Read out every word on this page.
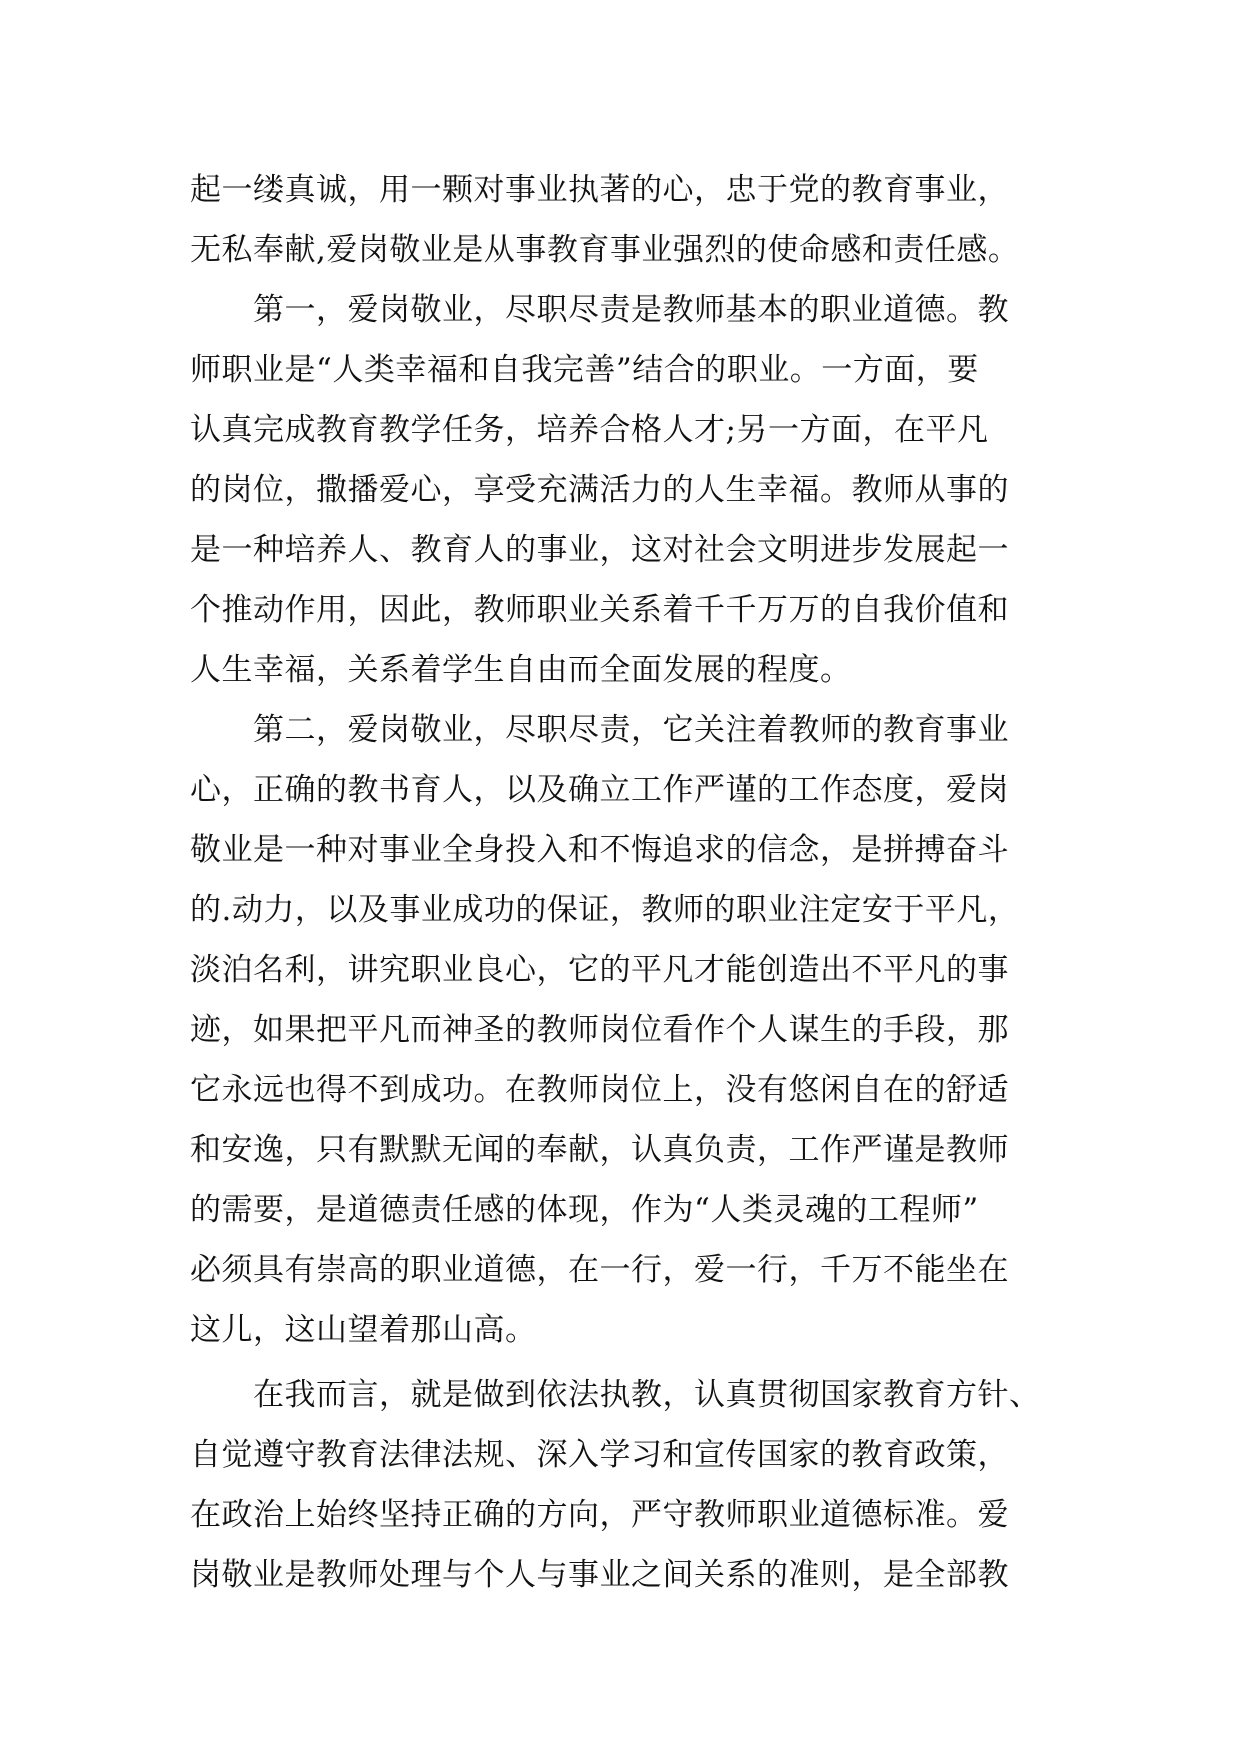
起一缕真诚，用一颗对事业执著的心，忠于党的教育事业，
无私奉献,爱岗敬业是从事教育事业强烈的使命感和责任感。
　　第一，爱岗敬业，尽职尽责是教师基本的职业道德。教
师职业是“人类幸福和自我完善”结合的职业。一方面，要
认真完成教育教学任务，培养合格人才;另一方面，在平凡
的岗位，撒播爱心，享受充满活力的人生幸福。教师从事的
是一种培养人、教育人的事业，这对社会文明进步发展起一
个推动作用，因此，教师职业关系着千千万万的自我价值和
人生幸福，关系着学生自由而全面发展的程度。
　　第二，爱岗敬业，尽职尽责，它关注着教师的教育事业
心，正确的教书育人，以及确立工作严谨的工作态度，爱岗
敬业是一种对事业全身投入和不悔追求的信念，是拼搏奋斗
的.动力，以及事业成功的保证，教师的职业注定安于平凡，
淡泊名利，讲究职业良心，它的平凡才能创造出不平凡的事
迹，如果把平凡而神圣的教师岗位看作个人谋生的手段，那
它永远也得不到成功。在教师岗位上，没有悠闲自在的舒适
和安逸，只有默默无闻的奉献，认真负责，工作严谨是教师
的需要，是道德责任感的体现，作为“人类灵魂的工程师”
必须具有崇高的职业道德，在一行，爱一行，千万不能坐在
这儿，这山望着那山高。
　　在我而言，就是做到依法执教，认真贯彻国家教育方针、
自觉遵守教育法律法规、深入学习和宣传国家的教育政策，
在政治上始终坚持正确的方向，严守教师职业道德标准。爱
岗敬业是教师处理与个人与事业之间关系的准则，是全部教
